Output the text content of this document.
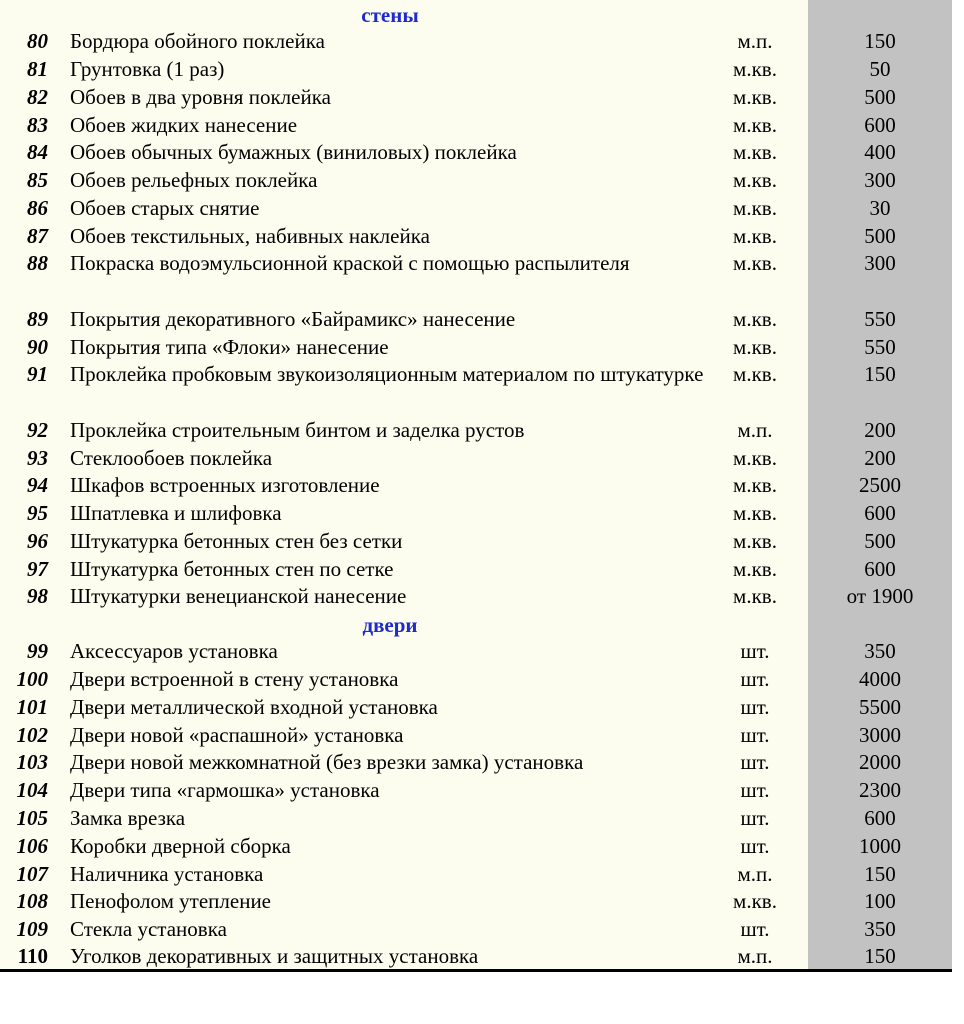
стены
двери
80 Бордюра обойного поклейка	м.п.	150
81 Грунтовка (1 раз)	м.кв.	50
82 Обоев в два уровня поклейка	м.кв.	500
83 Обоев жидких нанесение	м.кв.	600
84 Обоев обычных бумажных (виниловых) поклейка	м.кв.	400
85 Обоев рельефных поклейка	м.кв.	300
86 Обоев старых снятие	м.кв.	30
87 Обоев текстильных, набивных наклейка	м.кв.	500
88 Покраска водоэмульсионной краской с помощью распылителя	м.кв.	300
89 Покрытия декоративного «Байрамикс» нанесение	м.кв.	550
90 Покрытия типа «Флоки» нанесение	м.кв.	550
91 Проклейка пробковым звукоизоляционным материалом по штукатурке	м.кв.	150
92 Проклейка строительным бинтом и заделка рустов	м.п.	200
93 Стеклообоев поклейка	м.кв.	200
94 Шкафов встроенных изготовление	м.кв.	2500
95 Шпатлевка и шлифовка	м.кв.	600
96 Штукатурка бетонных стен без сетки	м.кв.	500
97 Штукатурка бетонных стен по сетке	м.кв.	600
98 Штукатурки венецианской нанесение	м.кв.	от 1900
99 Аксессуаров установка	шт.	350
100 Двери встроенной в стену установка	шт.	4000
101 Двери металлической входной установка	шт.	5500
102 Двери новой «распашной» установка	шт.	3000
103 Двери новой межкомнатной (без врезки замка) установка	шт.	2000
104 Двери типа «гармошка» установка	шт.	2300
105 Замка врезка	шт.	600
106 Коробки дверной сборка	шт.	1000
107 Наличника установка	м.п.	150
108 Пенофолом утепление	м.кв.	100
109 Стекла установка	шт.	350
110 Уголков декоративных и защитных установка	м.п.	150
